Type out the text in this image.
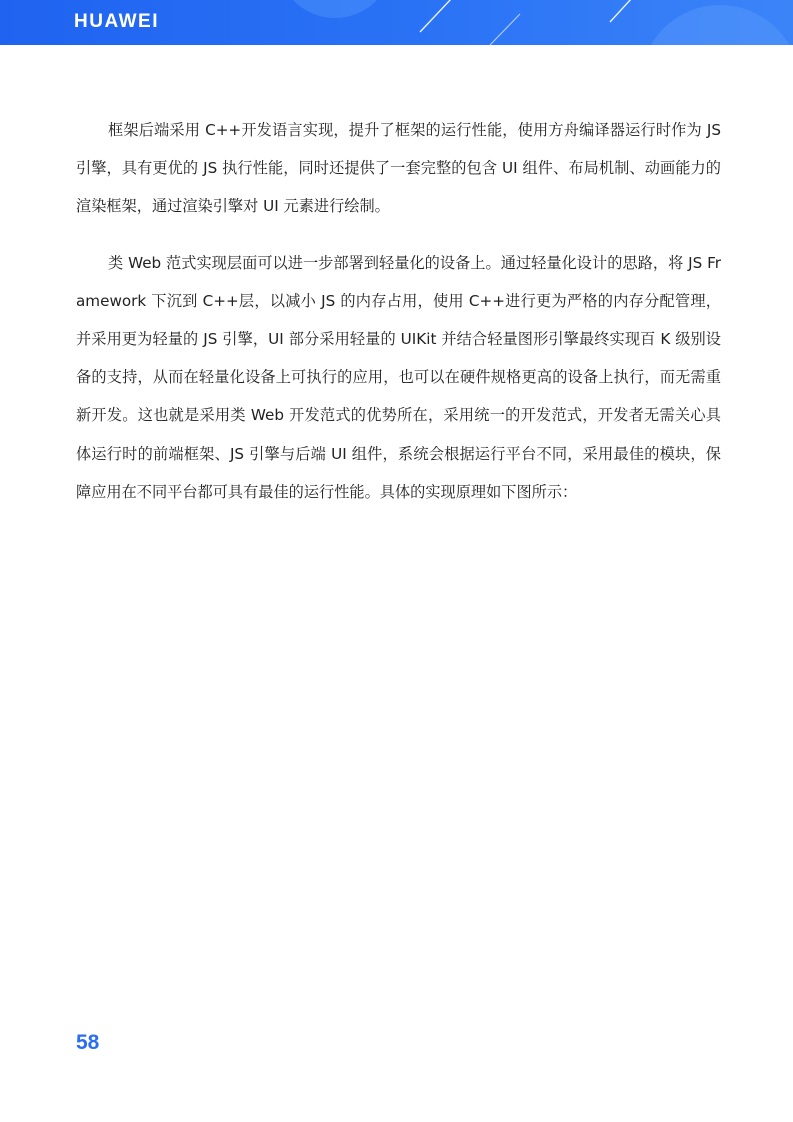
HUAWEI

框架后端采用 C++开发语言实现，提升了框架的运行性能，使用方舟编译器运行时作为 JS 引擎，具有更优的 JS 执行性能，同时还提供了一套完整的包含 UI 组件、布局机制、动画能力的渲染框架，通过渲染引擎对 UI 元素进行绘制。

类 Web 范式实现层面可以进一步部署到轻量化的设备上。通过轻量化设计的思路，将 JS Framework 下沉到 C++层，以减小 JS 的内存占用，使用 C++进行更为严格的内存分配管理，并采用更为轻量的 JS 引擎，UI 部分采用轻量的 UIKit 并结合轻量图形引擎最终实现百 K 级别设备的支持，从而在轻量化设备上可执行的应用，也可以在硬件规格更高的设备上执行，而无需重新开发。这也就是采用类 Web 开发范式的优势所在，采用统一的开发范式，开发者无需关心具体运行时的前端框架、JS 引擎与后端 UI 组件，系统会根据运行平台不同，采用最佳的模块，保障应用在不同平台都可具有最佳的运行性能。具体的实现原理如下图所示：

58
